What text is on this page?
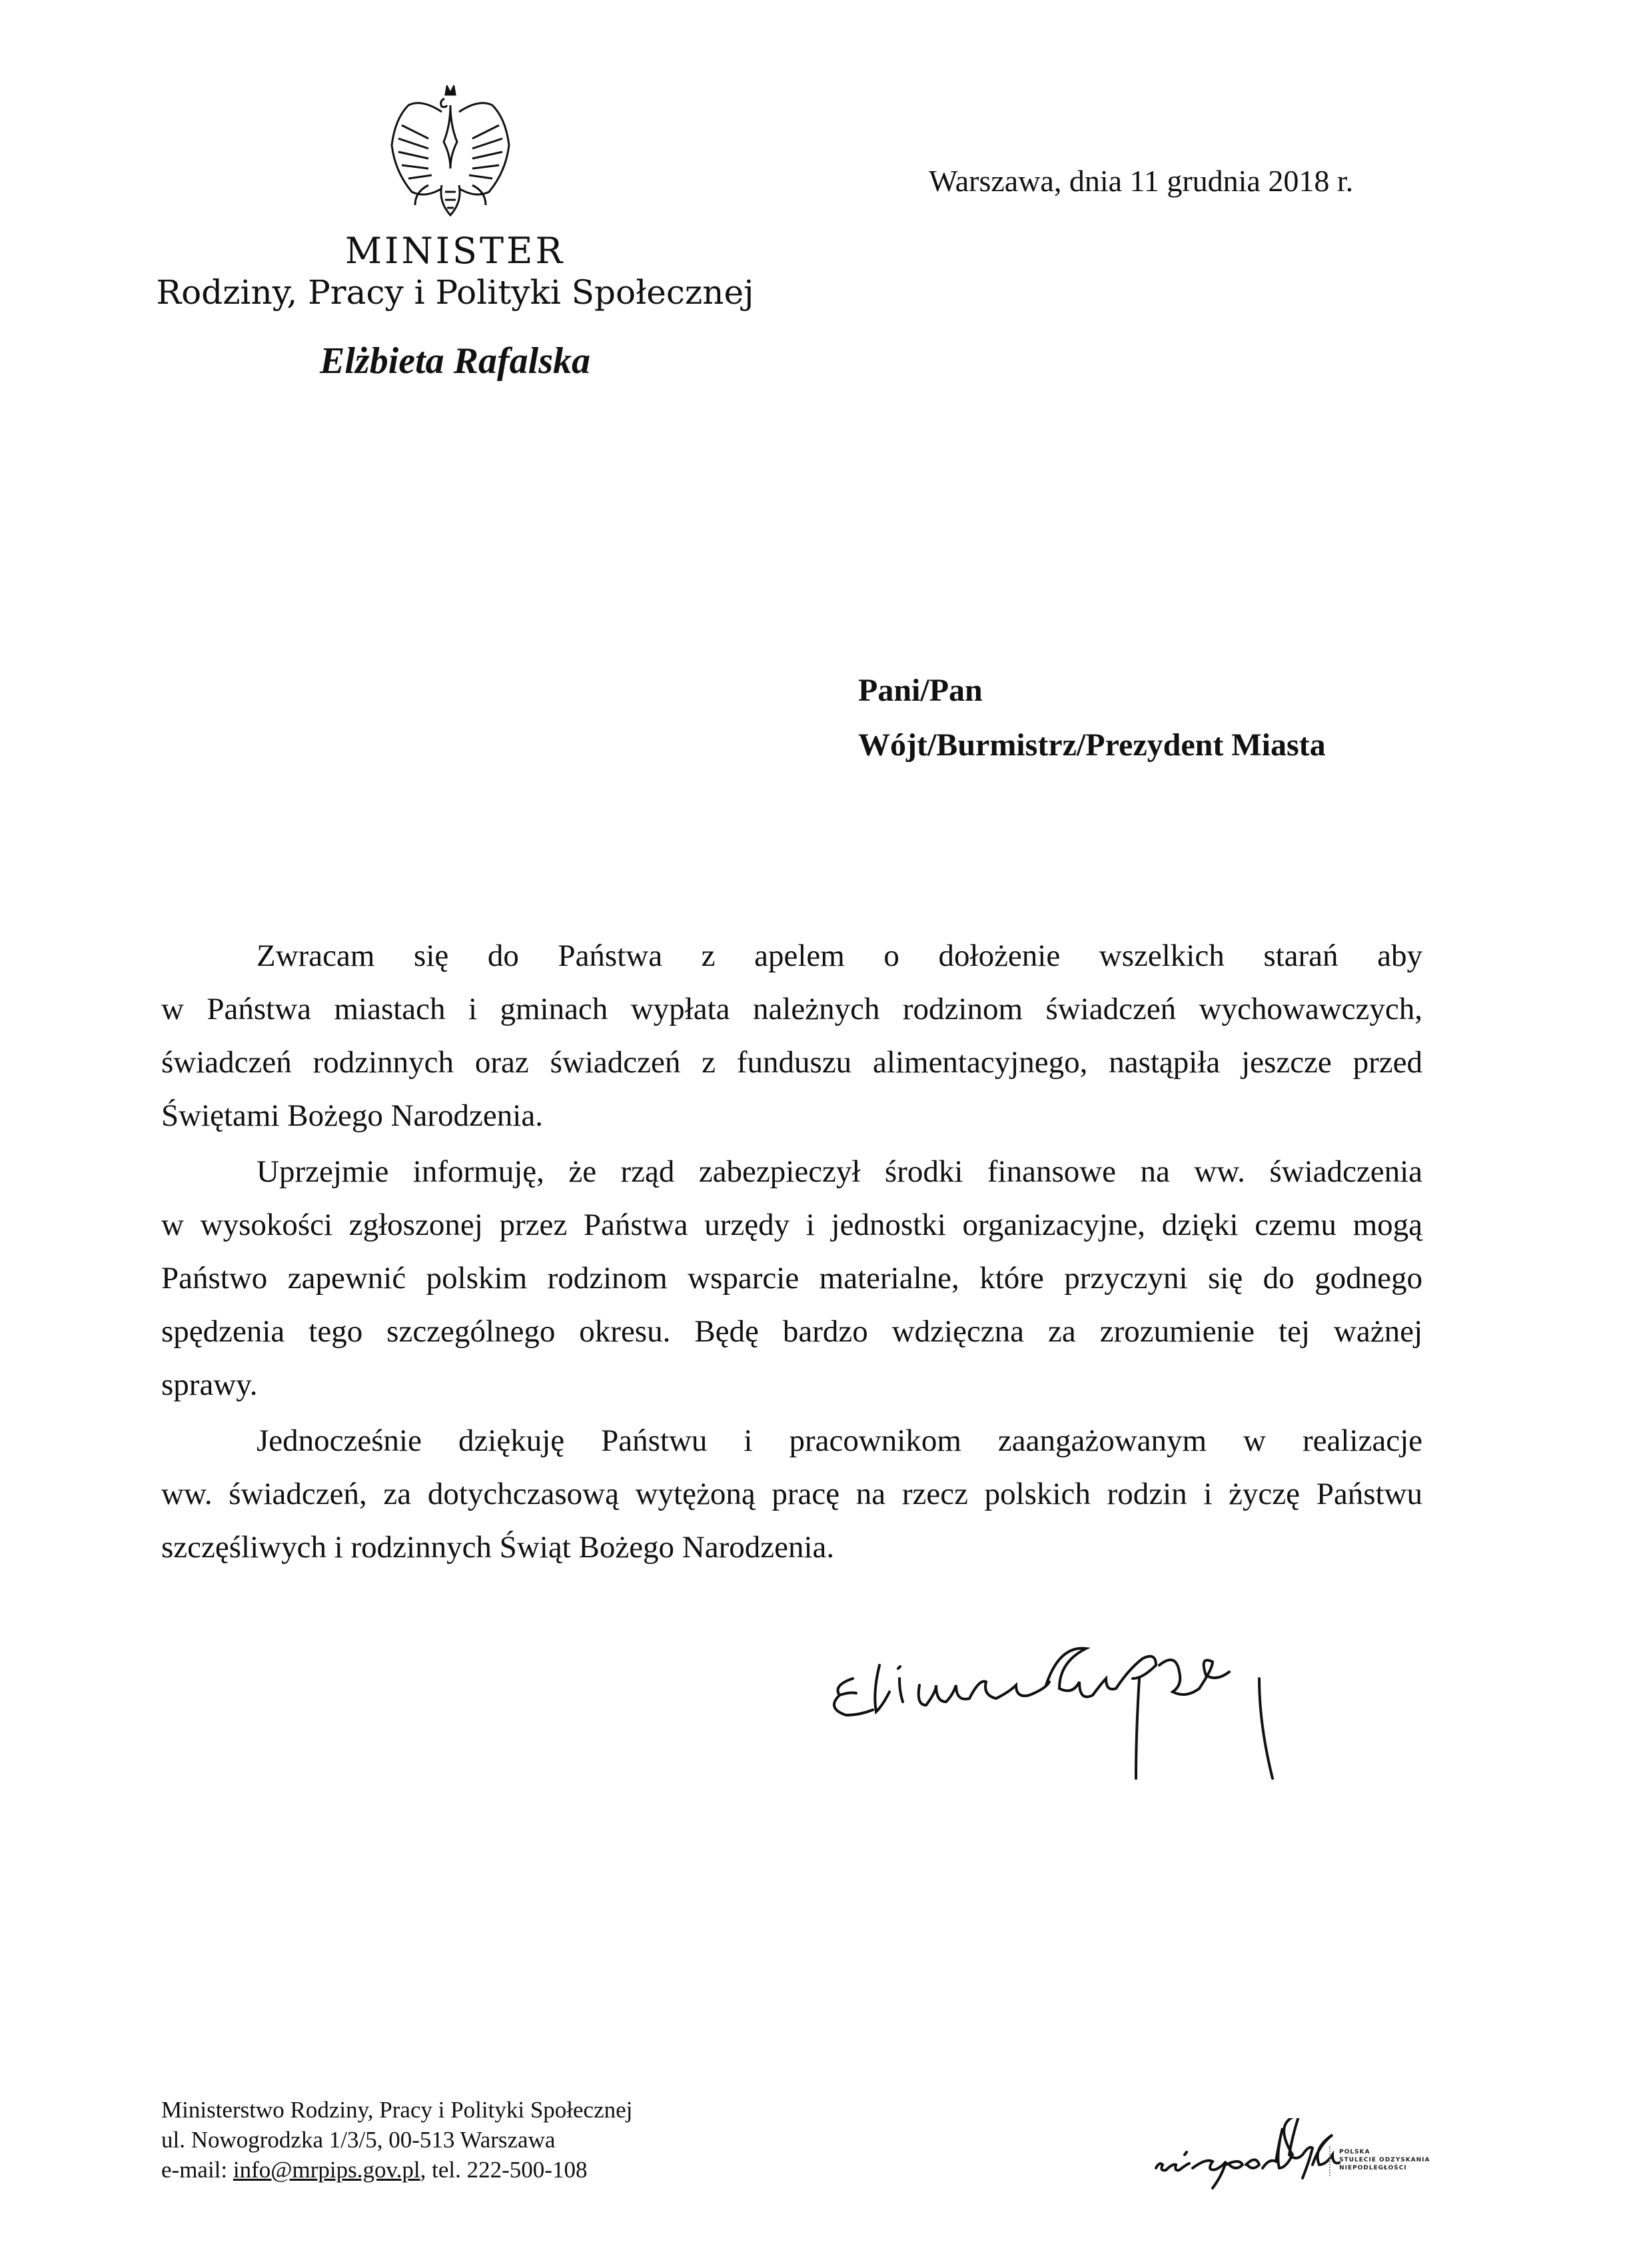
MINISTER
Rodziny, Pracy i Polityki Społecznej
Elżbieta Rafalska
Warszawa, dnia 11 grudnia 2018 r.
Pani/Pan
Wójt/Burmistrz/Prezydent Miasta
Zwracam się do Państwa z apelem o dołożenie wszelkich starań aby
w Państwa miastach i gminach wypłata należnych rodzinom świadczeń wychowawczych,
świadczeń rodzinnych oraz świadczeń z funduszu alimentacyjnego, nastąpiła jeszcze przed
Świętami Bożego Narodzenia.
Uprzejmie informuję, że rząd zabezpieczył środki finansowe na ww. świadczenia
w wysokości zgłoszonej przez Państwa urzędy i jednostki organizacyjne, dzięki czemu mogą
Państwo zapewnić polskim rodzinom wsparcie materialne, które przyczyni się do godnego
spędzenia tego szczególnego okresu. Będę bardzo wdzięczna za zrozumienie tej ważnej
sprawy.
Jednocześnie dziękuję Państwu i pracownikom zaangażowanym w realizacje
ww. świadczeń, za dotychczasową wytężoną pracę na rzecz polskich rodzin i życzę Państwu
szczęśliwych i rodzinnych Świąt Bożego Narodzenia.
Ministerstwo Rodziny, Pracy i Polityki Społecznej
ul. Nowogrodzka 1/3/5, 00-513 Warszawa
e-mail: info@mrpips.gov.pl, tel. 222-500-108
POLSKA
STULECIE ODZYSKANIA
NIEPODLEGŁOŚCI
